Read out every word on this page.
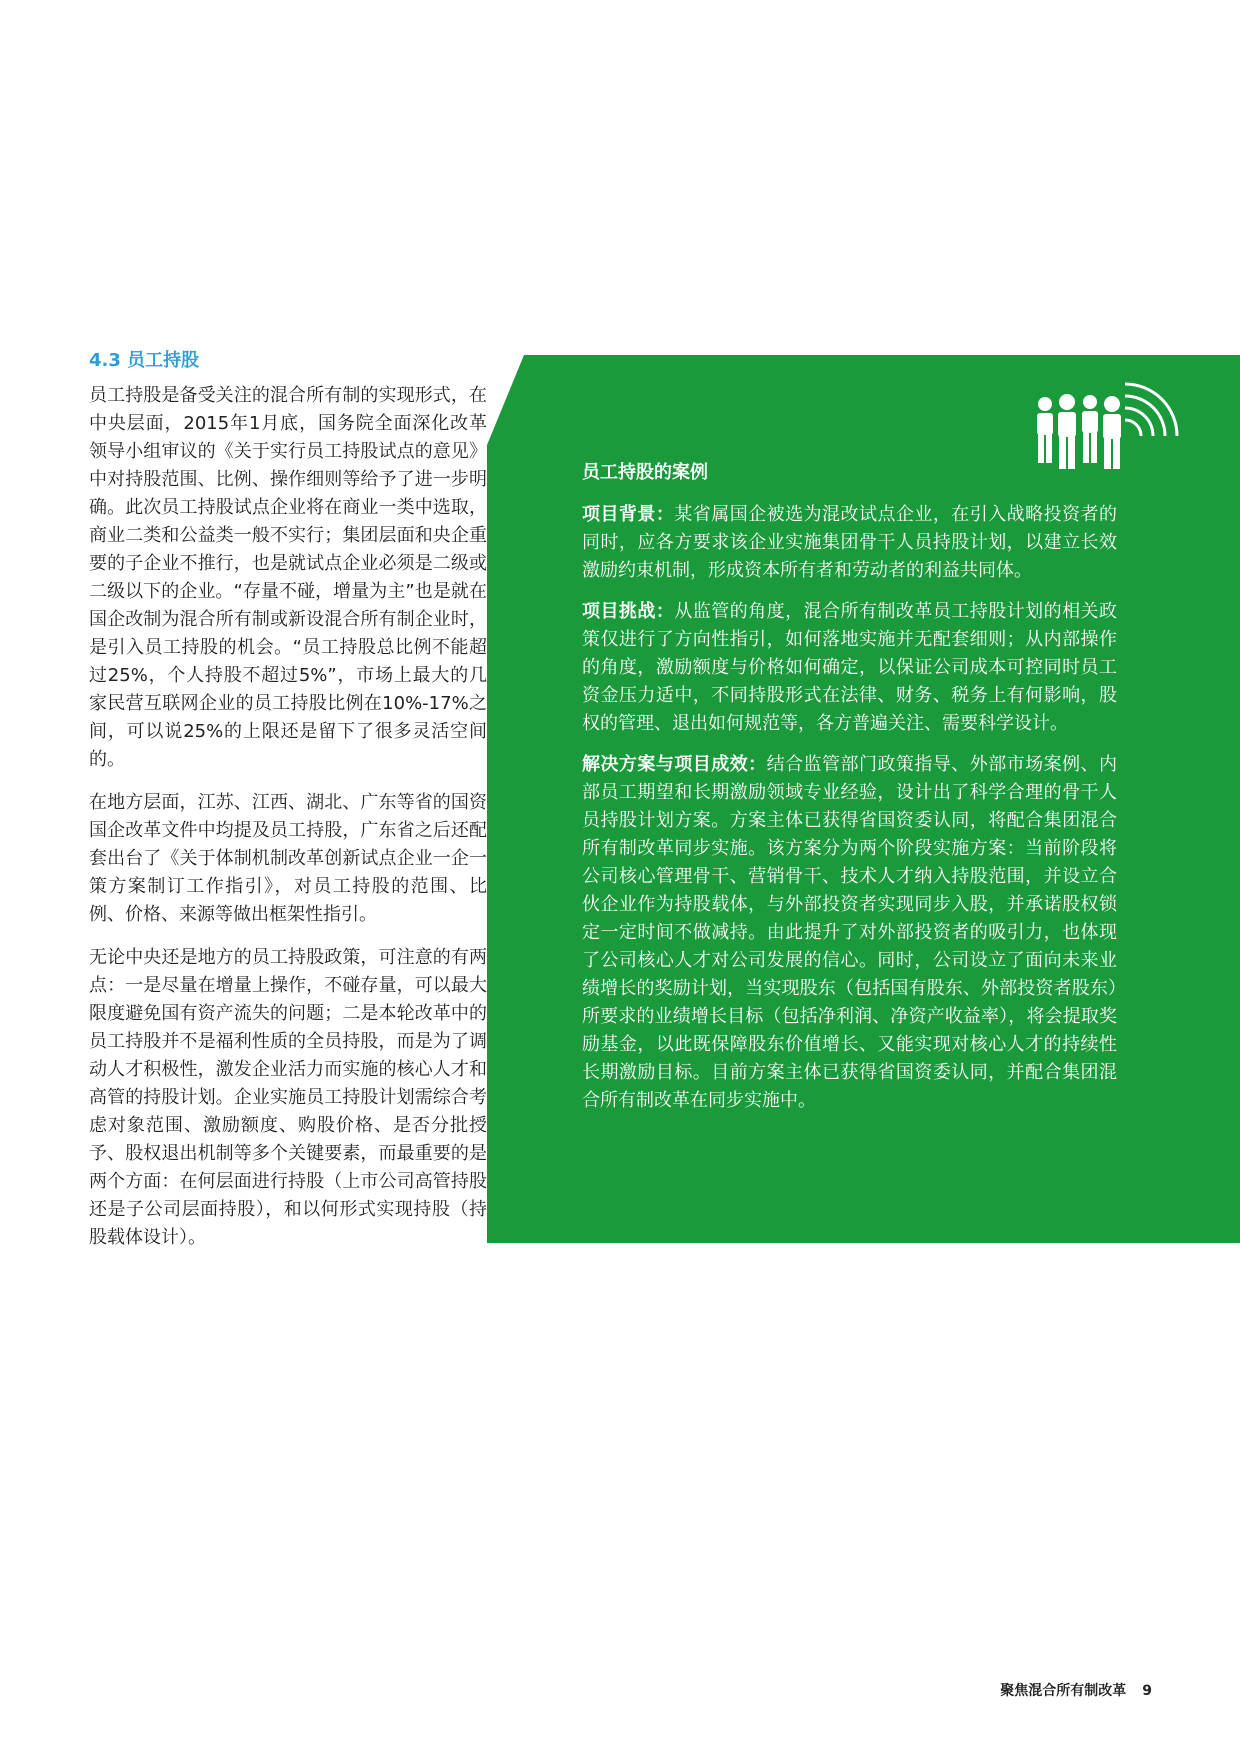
4.3 员工持股

员工持股是备受关注的混合所有制的实现形式，在中央层面，2015年1月底，国务院全面深化改革领导小组审议的《关于实行员工持股试点的意见》中对持股范围、比例、操作细则等给予了进一步明确。此次员工持股试点企业将在商业一类中选取，商业二类和公益类一般不实行；集团层面和央企重要的子企业不推行，也是就试点企业必须是二级或二级以下的企业。“存量不碰，增量为主”也是就在国企改制为混合所有制或新设混合所有制企业时，是引入员工持股的机会。“员工持股总比例不能超过25%，个人持股不超过5%”，市场上最大的几家民营互联网企业的员工持股比例在10%-17%之间，可以说25%的上限还是留下了很多灵活空间的。

在地方层面，江苏、江西、湖北、广东等省的国资国企改革文件中均提及员工持股，广东省之后还配套出台了《关于体制机制改革创新试点企业一企一策方案制订工作指引》，对员工持股的范围、比例、价格、来源等做出框架性指引。

无论中央还是地方的员工持股政策，可注意的有两点：一是尽量在增量上操作，不碰存量，可以最大限度避免国有资产流失的问题；二是本轮改革中的员工持股并不是福利性质的全员持股，而是为了调动人才积极性，激发企业活力而实施的核心人才和高管的持股计划。企业实施员工持股计划需综合考虑对象范围、激励额度、购股价格、是否分批授予、股权退出机制等多个关键要素，而最重要的是两个方面：在何层面进行持股（上市公司高管持股还是子公司层面持股），和以何形式实现持股（持股载体设计）。

员工持股的案例

项目背景：某省属国企被选为混改试点企业，在引入战略投资者的同时，应各方要求该企业实施集团骨干人员持股计划，以建立长效激励约束机制，形成资本所有者和劳动者的利益共同体。

项目挑战：从监管的角度，混合所有制改革员工持股计划的相关政策仅进行了方向性指引，如何落地实施并无配套细则；从内部操作的角度，激励额度与价格如何确定，以保证公司成本可控同时员工资金压力适中，不同持股形式在法律、财务、税务上有何影响，股权的管理、退出如何规范等，各方普遍关注、需要科学设计。

解决方案与项目成效：结合监管部门政策指导、外部市场案例、内部员工期望和长期激励领域专业经验，设计出了科学合理的骨干人员持股计划方案。方案主体已获得省国资委认同，将配合集团混合所有制改革同步实施。该方案分为两个阶段实施方案：当前阶段将公司核心管理骨干、营销骨干、技术人才纳入持股范围，并设立合伙企业作为持股载体，与外部投资者实现同步入股，并承诺股权锁定一定时间不做减持。由此提升了对外部投资者的吸引力，也体现了公司核心人才对公司发展的信心。同时，公司设立了面向未来业绩增长的奖励计划，当实现股东（包括国有股东、外部投资者股东）所要求的业绩增长目标（包括净利润、净资产收益率），将会提取奖励基金，以此既保障股东价值增长、又能实现对核心人才的持续性长期激励目标。目前方案主体已获得省国资委认同，并配合集团混合所有制改革在同步实施中。

聚焦混合所有制改革 9
